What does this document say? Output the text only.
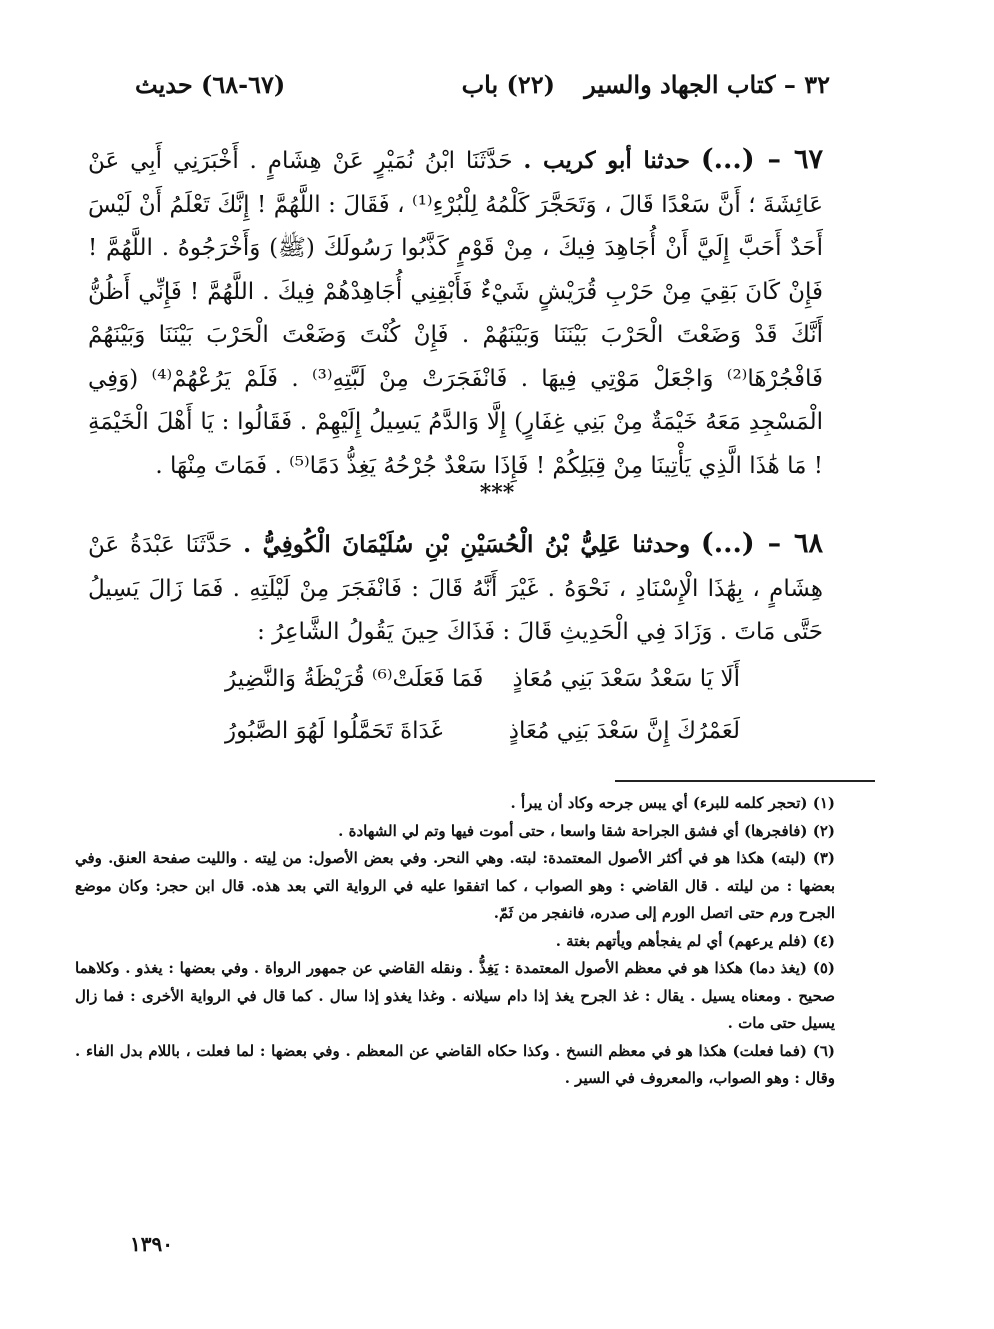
٣٢ – كتاب الجهاد والسير
(٢٢) باب
(٦٧-٦٨) حديث

٦٧ – (...) حدثنا أبو كريب . حَدَّثَنَا ابْنُ نُمَيْرٍ عَنْ هِشَامٍ . أَخْبَرَنِي أَبِي عَنْ عَائِشَةَ ؛ أَنَّ سَعْدًا قَالَ ، وَتَحَجَّرَ كَلْمُهُ لِلْبُرْءِ⁽¹⁾ ، فَقَالَ : اللَّهُمَّ ! إِنَّكَ تَعْلَمُ أَنْ لَيْسَ أَحَدٌ أَحَبَّ إِلَيَّ أَنْ أُجَاهِدَ فِيكَ ، مِنْ قَوْمٍ كَذَّبُوا رَسُولَكَ (ﷺ) وَأَخْرَجُوهُ . اللَّهُمَّ ! فَإِنْ كَانَ بَقِيَ مِنْ حَرْبِ قُرَيْشٍ شَيْءٌ فَأَبْقِنِي أُجَاهِدْهُمْ فِيكَ . اللَّهُمَّ ! فَإِنِّي أَظُنُّ أَنَّكَ قَدْ وَضَعْتَ الْحَرْبَ بَيْنَنَا وَبَيْنَهُمْ . فَإِنْ كُنْتَ وَضَعْتَ الْحَرْبَ بَيْنَنَا وَبَيْنَهُمْ فَافْجُرْهَا⁽²⁾ وَاجْعَلْ مَوْتِي فِيهَا . فَانْفَجَرَتْ مِنْ لَبَّتِهِ⁽³⁾ . فَلَمْ يَرُعْهُمْ⁽⁴⁾ (وَفِي الْمَسْجِدِ مَعَهُ خَيْمَةٌ مِنْ بَنِي غِفَارٍ) إِلَّا وَالدَّمُ يَسِيلُ إِلَيْهِمْ . فَقَالُوا : يَا أَهْلَ الْخَيْمَةِ ! مَا هَٰذَا الَّذِي يَأْتِينَا مِنْ قِبَلِكُمْ ! فَإِذَا سَعْدٌ جُرْحُهُ يَغِذُّ دَمًا⁽⁵⁾ . فَمَاتَ مِنْهَا .

***

٦٨ – (...) وحدثنا عَلِيُّ بْنُ الْحُسَيْنِ بْنِ سُلَيْمَانَ الْكُوفِيُّ . حَدَّثَنَا عَبْدَةُ عَنْ هِشَامٍ ، بِهَٰذَا الْإِسْنَادِ ، نَحْوَهُ . غَيْرَ أَنَّهُ قَالَ : فَانْفَجَرَ مِنْ لَيْلَتِهِ . فَمَا زَالَ يَسِيلُ حَتَّى مَاتَ . وَزَادَ فِي الْحَدِيثِ قَالَ : فَذَاكَ حِينَ يَقُولُ الشَّاعِرُ :

أَلَا يَا سَعْدُ سَعْدَ بَنِي مُعَاذٍ
فَمَا فَعَلَتْ⁽⁶⁾ قُرَيْظَةُ وَالنَّضِيرُ
لَعَمْرُكَ إِنَّ سَعْدَ بَنِي مُعَاذٍ
غَدَاةَ تَحَمَّلُوا لَهُوَ الصَّبُورُ

(١) (تحجر كلمه للبرء) أي يبس جرحه وكاد أن يبرأ .

(٢) (فافجرها) أي فشق الجراحة شقا واسعا ، حتى أموت فيها وتم لي الشهادة .

(٣) (لبته) هكذا هو في أكثر الأصول المعتمدة: لبته. وهي النحر. وفي بعض الأصول: من لِيته . والليت صفحة العنق. وفي بعضها : من ليلته . قال القاضي : وهو الصواب ، كما اتفقوا عليه في الرواية التي بعد هذه. قال ابن حجر: وكان موضع الجرح ورم حتى اتصل الورم إلى صدره، فانفجر من ثَمّ.

(٤) (فلم يرعهم) أي لم يفجأهم ويأتهم بغتة .

(٥) (يغذ دما) هكذا هو في معظم الأصول المعتمدة : يَغِذُّ . ونقله القاضي عن جمهور الرواة . وفي بعضها : يغذو . وكلاهما صحيح . ومعناه يسيل . يقال : غذ الجرح يغذ إذا دام سيلانه . وغذا يغذو إذا سال . كما قال في الرواية الأخرى : فما زال يسيل حتى مات .

(٦) (فما فعلت) هكذا هو في معظم النسخ . وكذا حكاه القاضي عن المعظم . وفي بعضها : لما فعلت ، باللام بدل الفاء . وقال : وهو الصواب، والمعروف في السير .

١٣٩٠
